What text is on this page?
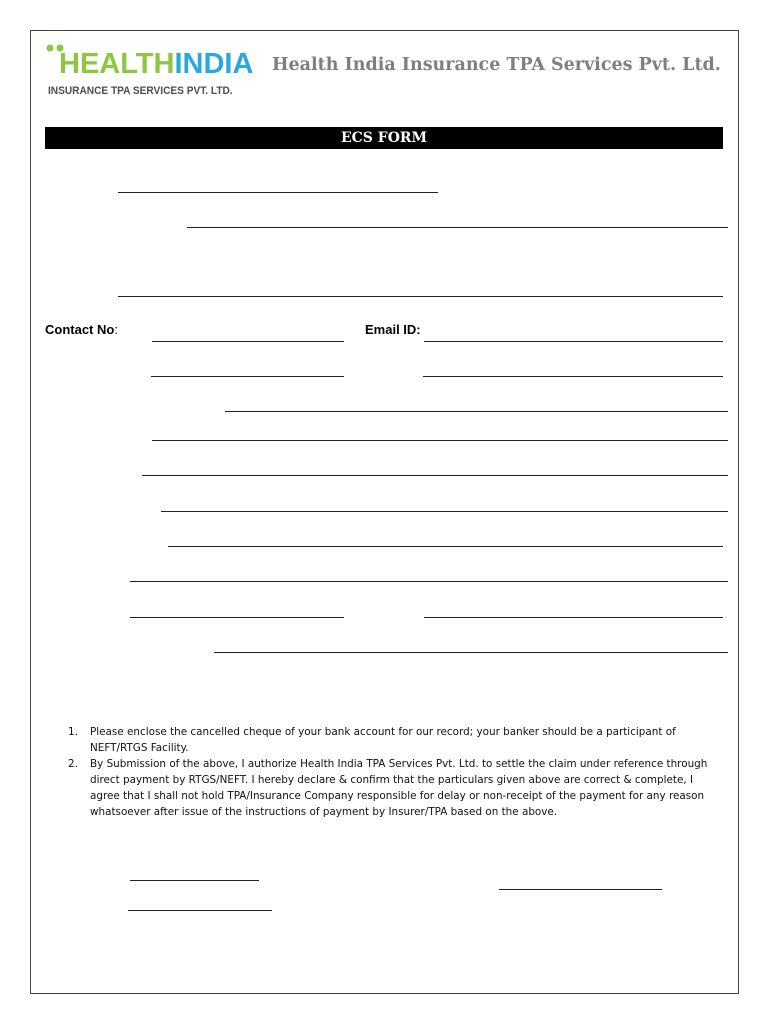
HEALTHINDIA
INSURANCE TPA SERVICES PVT. LTD.
Health India Insurance TPA Services Pvt. Ltd.
ECS FORM
Contact No:	Email ID:
1. Please enclose the cancelled cheque of your bank account for our record; your banker should be a participant of NEFT/RTGS Facility.
2. By Submission of the above, I authorize Health India TPA Services Pvt. Ltd. to settle the claim under reference through direct payment by RTGS/NEFT. I hereby declare & confirm that the particulars given above are correct & complete, I agree that I shall not hold TPA/Insurance Company responsible for delay or non-receipt of the payment for any reason whatsoever after issue of the instructions of payment by Insurer/TPA based on the above.
